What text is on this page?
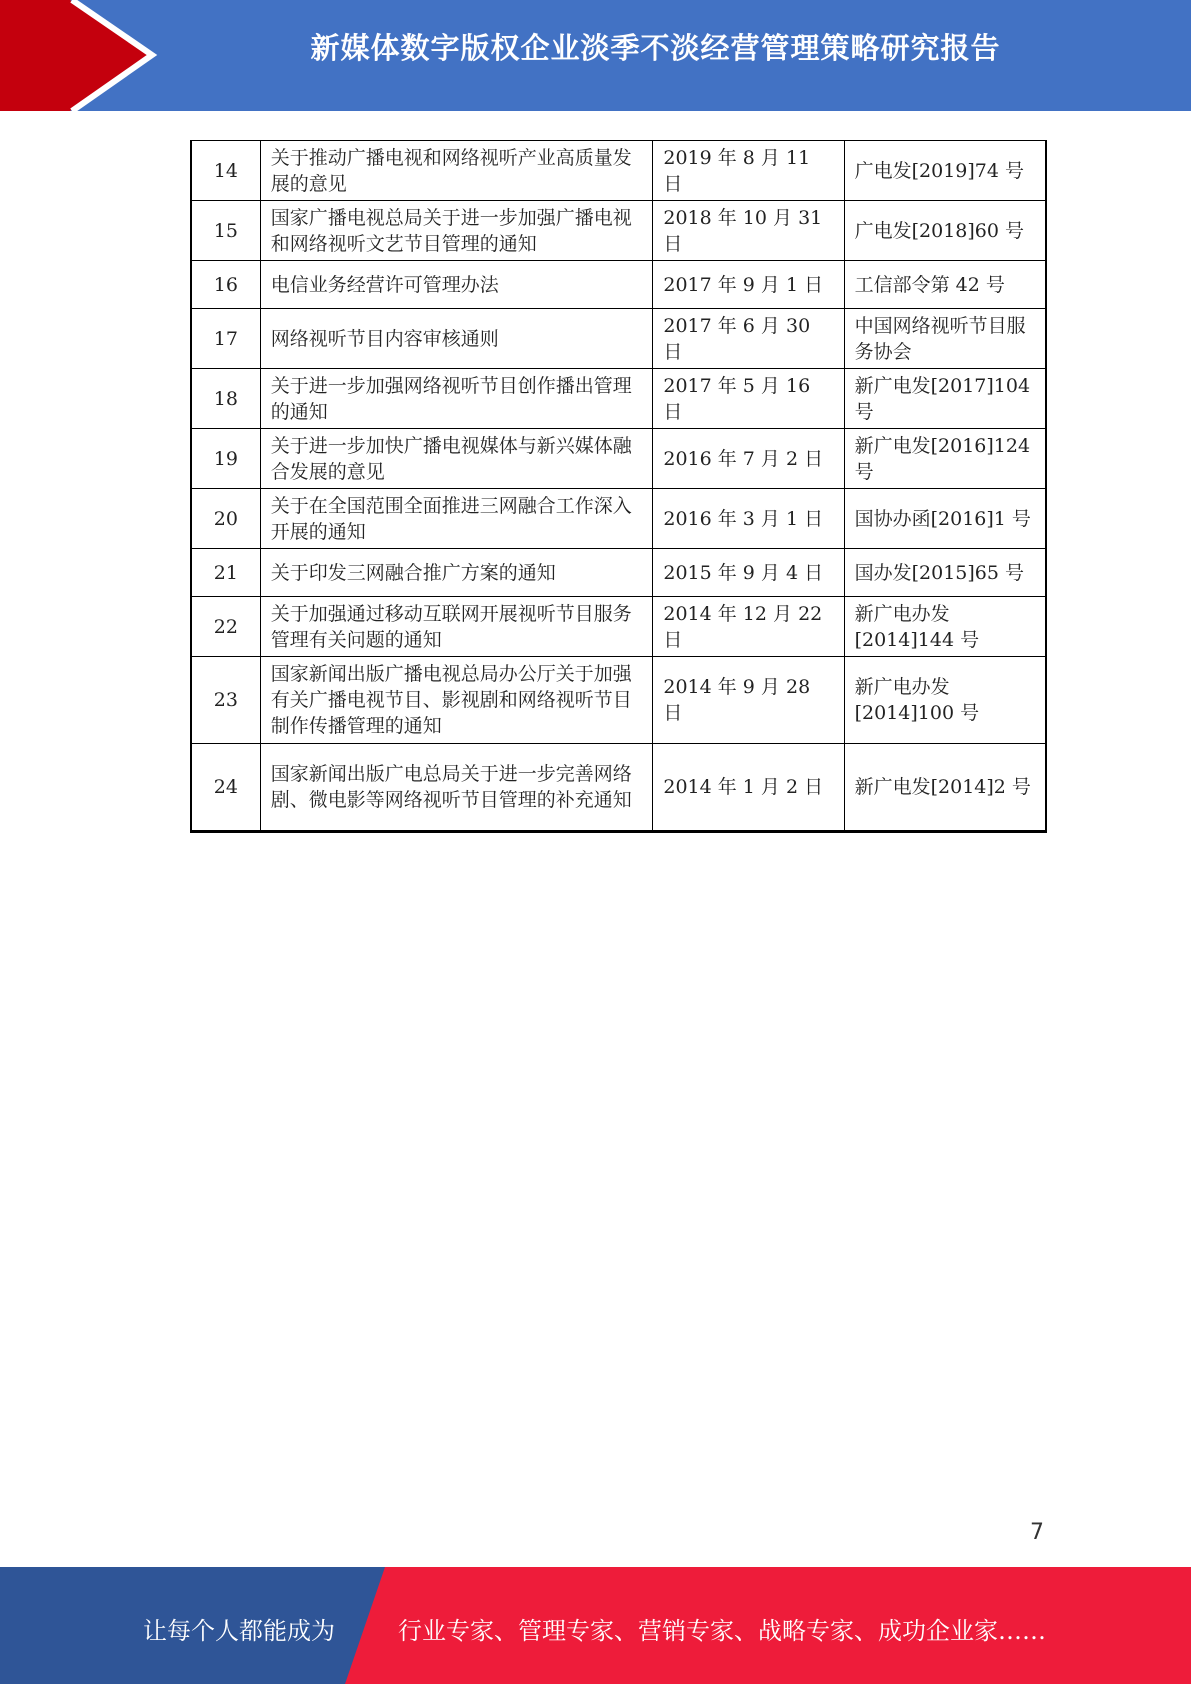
新媒体数字版权企业淡季不淡经营管理策略研究报告
14	关于推动广播电视和网络视听产业高质量发展的意见	2019 年 8 月 11 日	广电发[2019]74 号
15	国家广播电视总局关于进一步加强广播电视和网络视听文艺节目管理的通知	2018 年 10 月 31 日	广电发[2018]60 号
16	电信业务经营许可管理办法	2017 年 9 月 1 日	工信部令第 42 号
17	网络视听节目内容审核通则	2017 年 6 月 30 日	中国网络视听节目服务协会
18	关于进一步加强网络视听节目创作播出管理的通知	2017 年 5 月 16 日	新广电发[2017]104 号
19	关于进一步加快广播电视媒体与新兴媒体融合发展的意见	2016 年 7 月 2 日	新广电发[2016]124 号
20	关于在全国范围全面推进三网融合工作深入开展的通知	2016 年 3 月 1 日	国协办函[2016]1 号
21	关于印发三网融合推广方案的通知	2015 年 9 月 4 日	国办发[2015]65 号
22	关于加强通过移动互联网开展视听节目服务管理有关问题的通知	2014 年 12 月 22 日	新广电办发[2014]144 号
23	国家新闻出版广播电视总局办公厅关于加强有关广播电视节目、影视剧和网络视听节目制作传播管理的通知	2014 年 9 月 28 日	新广电办发[2014]100 号
24	国家新闻出版广电总局关于进一步完善网络剧、微电影等网络视听节目管理的补充通知	2014 年 1 月 2 日	新广电发[2014]2 号
7
让每个人都能成为	行业专家、管理专家、营销专家、战略专家、成功企业家……
